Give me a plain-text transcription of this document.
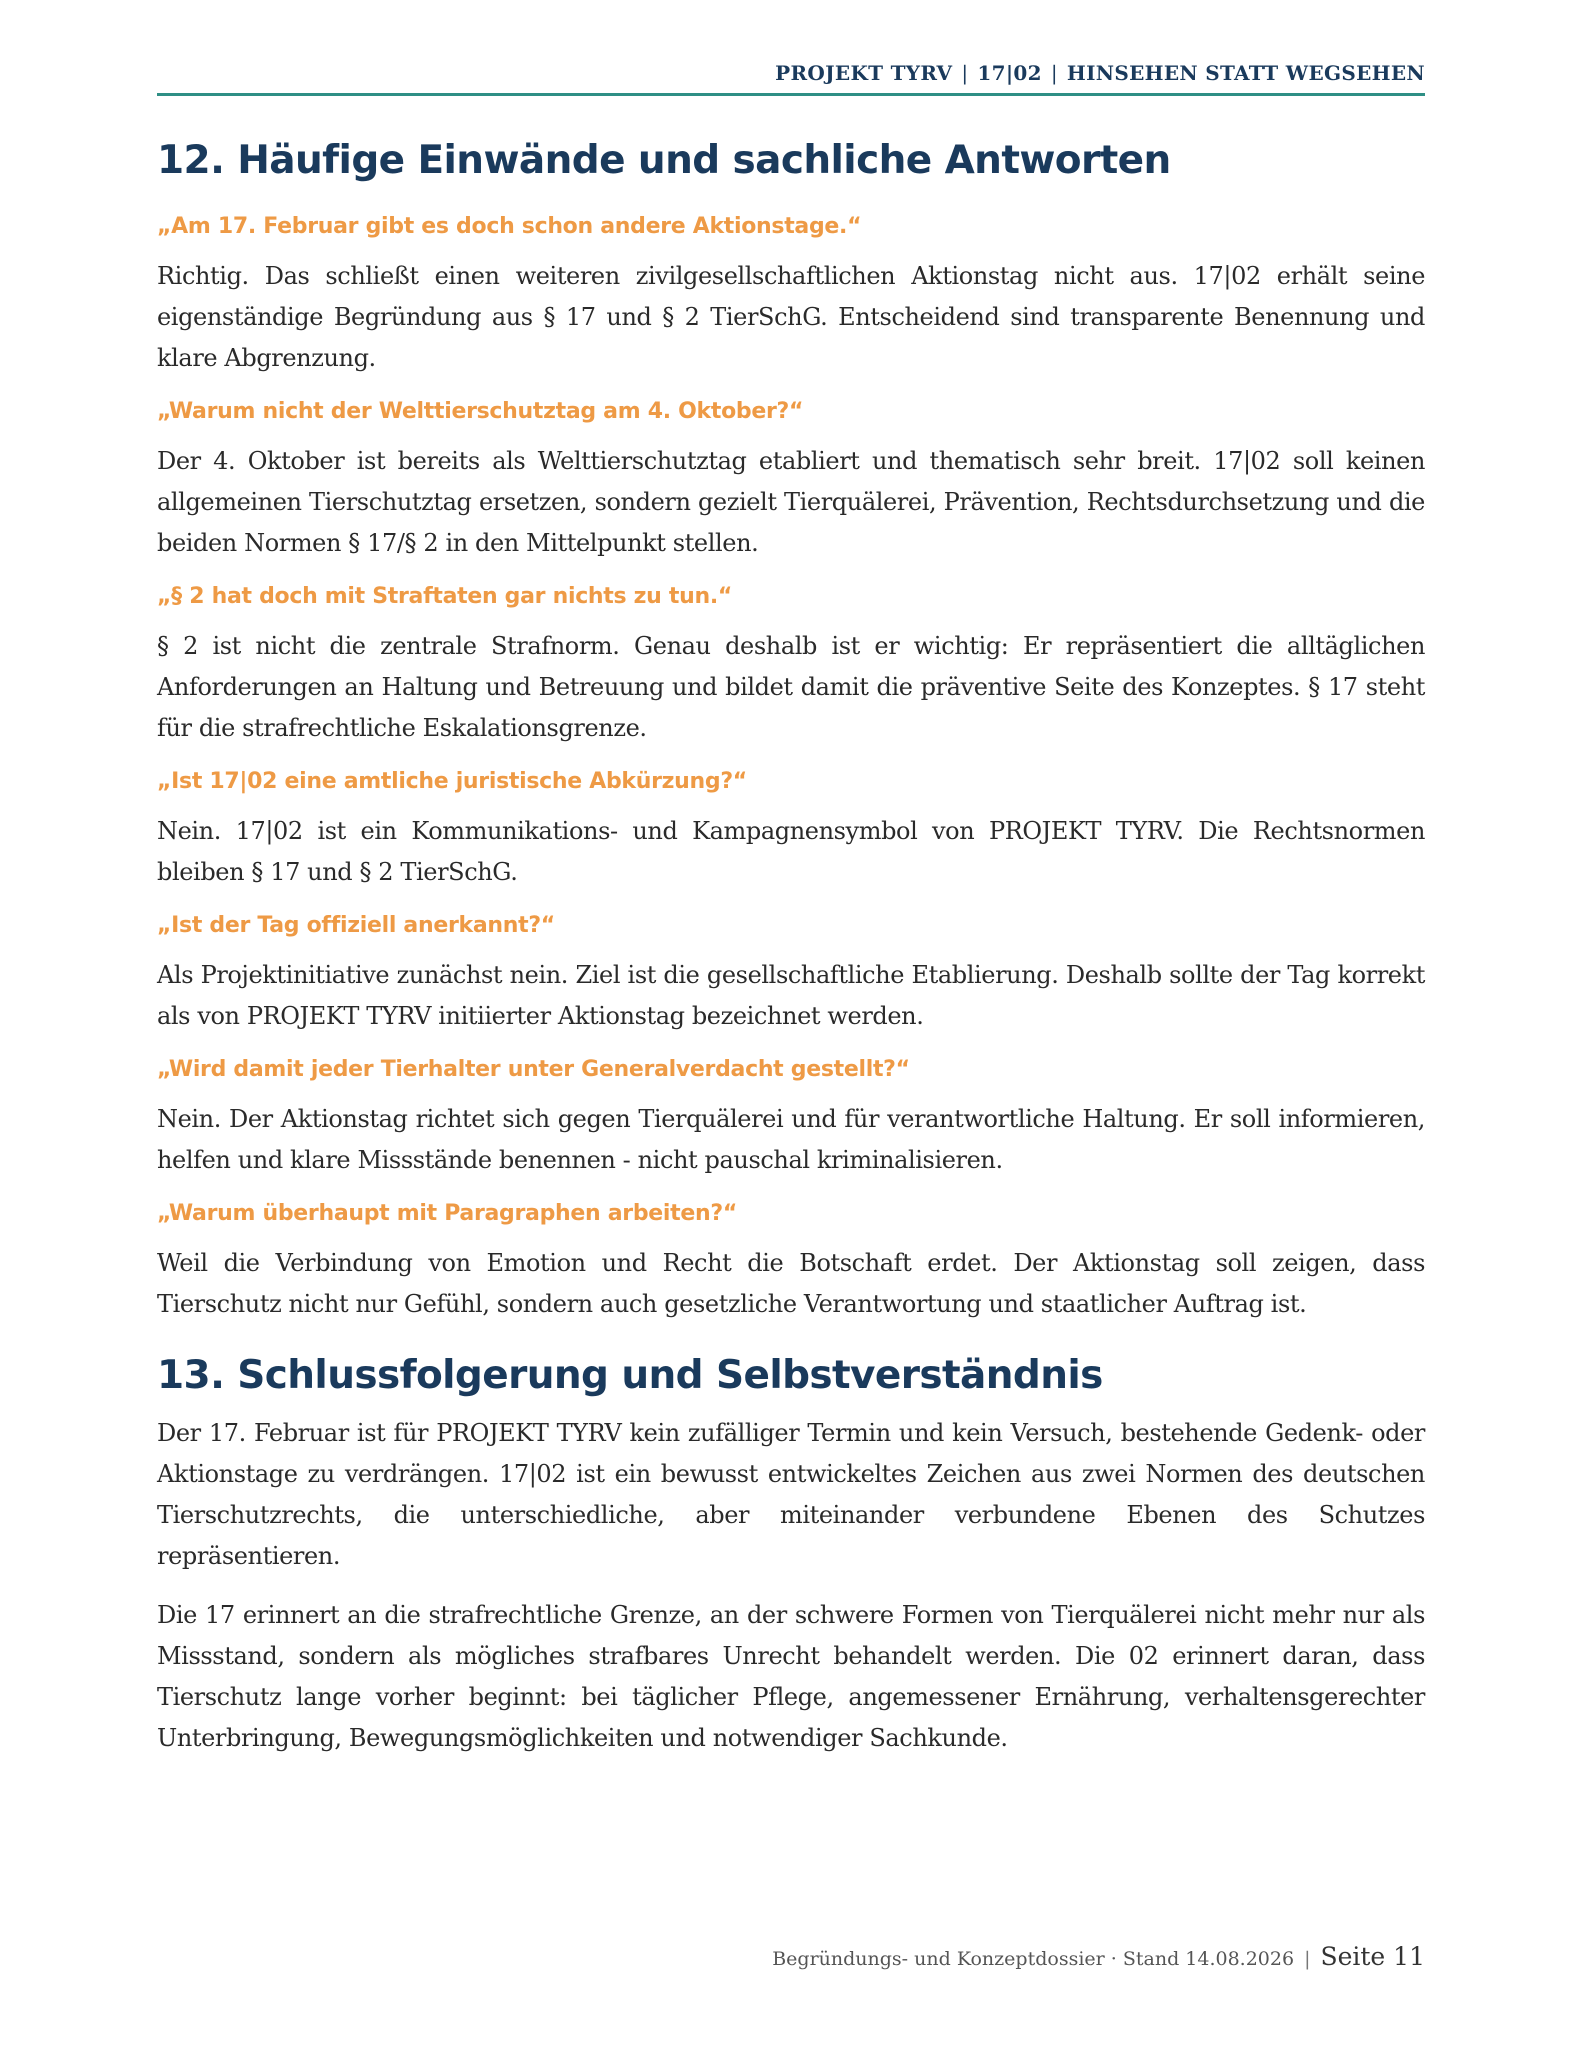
PROJEKT TYRV | 17|02 | HINSEHEN STATT WEGSEHEN
12. Häufige Einwände und sachliche Antworten
„Am 17. Februar gibt es doch schon andere Aktionstage.“
Richtig. Das schließt einen weiteren zivilgesellschaftlichen Aktionstag nicht aus. 17|02 erhält seine eigenständige Begründung aus § 17 und § 2 TierSchG. Entscheidend sind transparente Benennung und klare Abgrenzung.
„Warum nicht der Welttierschutztag am 4. Oktober?“
Der 4. Oktober ist bereits als Welttierschutztag etabliert und thematisch sehr breit. 17|02 soll keinen allgemeinen Tierschutztag ersetzen, sondern gezielt Tierquälerei, Prävention, Rechtsdurchsetzung und die beiden Normen § 17/§ 2 in den Mittelpunkt stellen.
„§ 2 hat doch mit Straftaten gar nichts zu tun.“
§ 2 ist nicht die zentrale Strafnorm. Genau deshalb ist er wichtig: Er repräsentiert die alltäglichen Anforderungen an Haltung und Betreuung und bildet damit die präventive Seite des Konzeptes. § 17 steht für die strafrechtliche Eskalationsgrenze.
„Ist 17|02 eine amtliche juristische Abkürzung?“
Nein. 17|02 ist ein Kommunikations- und Kampagnensymbol von PROJEKT TYRV. Die Rechtsnormen bleiben § 17 und § 2 TierSchG.
„Ist der Tag offiziell anerkannt?“
Als Projektinitiative zunächst nein. Ziel ist die gesellschaftliche Etablierung. Deshalb sollte der Tag korrekt als von PROJEKT TYRV initiierter Aktionstag bezeichnet werden.
„Wird damit jeder Tierhalter unter Generalverdacht gestellt?“
Nein. Der Aktionstag richtet sich gegen Tierquälerei und für verantwortliche Haltung. Er soll informieren, helfen und klare Missstände benennen - nicht pauschal kriminalisieren.
„Warum überhaupt mit Paragraphen arbeiten?“
Weil die Verbindung von Emotion und Recht die Botschaft erdet. Der Aktionstag soll zeigen, dass Tierschutz nicht nur Gefühl, sondern auch gesetzliche Verantwortung und staatlicher Auftrag ist.
13. Schlussfolgerung und Selbstverständnis
Der 17. Februar ist für PROJEKT TYRV kein zufälliger Termin und kein Versuch, bestehende Gedenk- oder Aktionstage zu verdrängen. 17|02 ist ein bewusst entwickeltes Zeichen aus zwei Normen des deutschen Tierschutzrechts, die unterschiedliche, aber miteinander verbundene Ebenen des Schutzes repräsentieren.
Die 17 erinnert an die strafrechtliche Grenze, an der schwere Formen von Tierquälerei nicht mehr nur als Missstand, sondern als mögliches strafbares Unrecht behandelt werden. Die 02 erinnert daran, dass Tierschutz lange vorher beginnt: bei täglicher Pflege, angemessener Ernährung, verhaltensgerechter Unterbringung, Bewegungsmöglichkeiten und notwendiger Sachkunde.
Begründungs- und Konzeptdossier · Stand 14.08.2026 | Seite 11
